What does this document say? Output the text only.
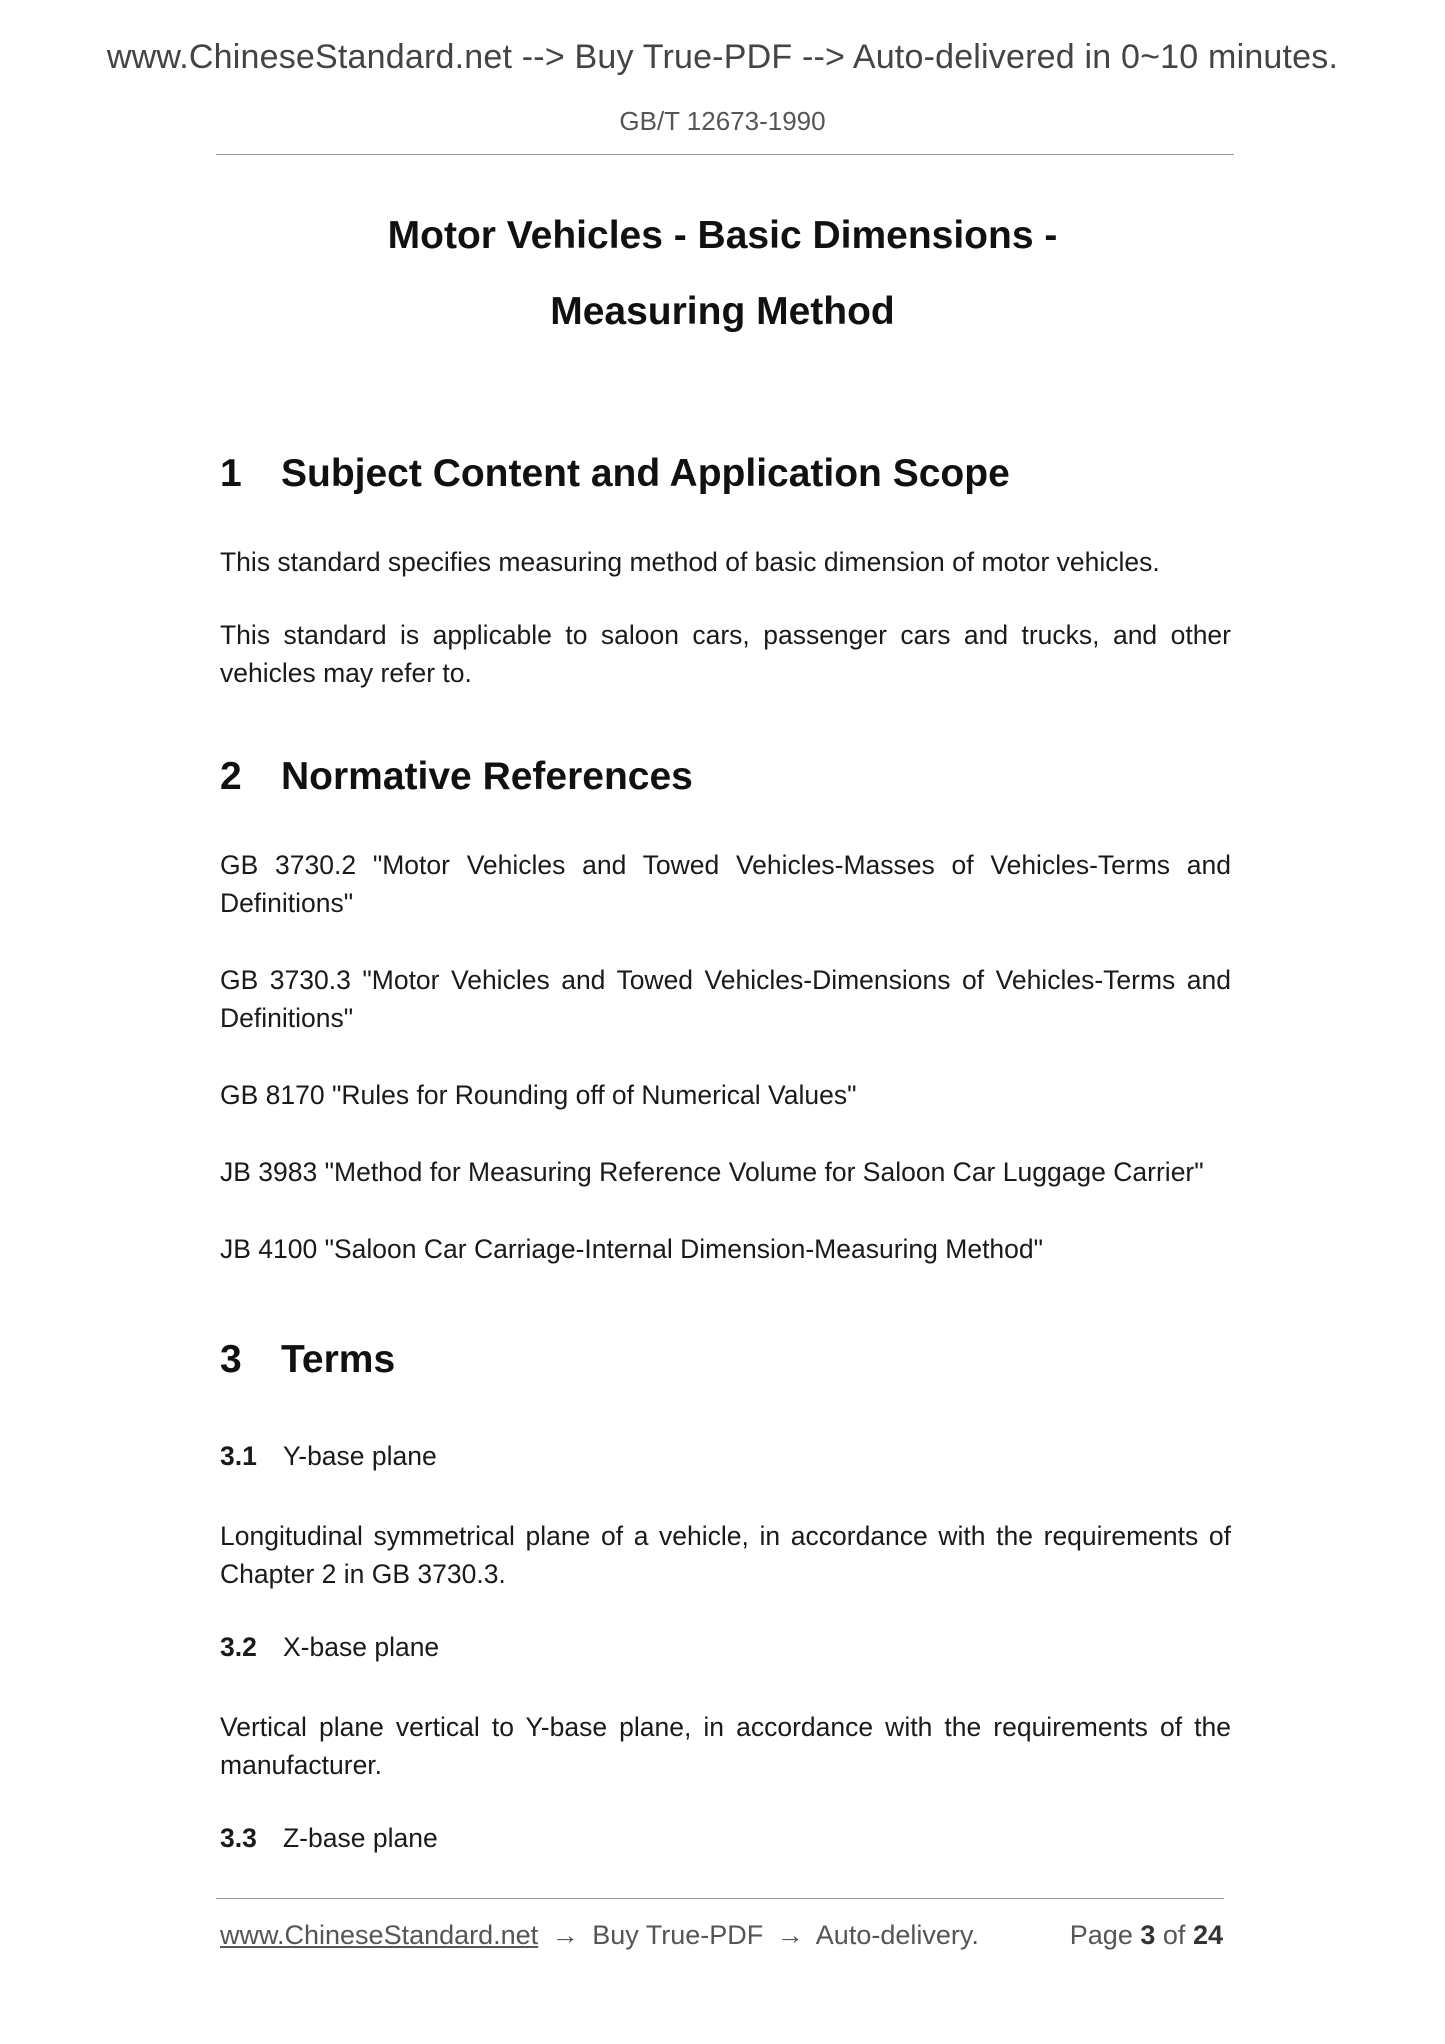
www.ChineseStandard.net --> Buy True-PDF --> Auto-delivered in 0~10 minutes.
GB/T 12673-1990
Motor Vehicles - Basic Dimensions -
Measuring Method
1 Subject Content and Application Scope
This standard specifies measuring method of basic dimension of motor vehicles.
This standard is applicable to saloon cars, passenger cars and trucks, and other vehicles may refer to.
2 Normative References
GB 3730.2 "Motor Vehicles and Towed Vehicles-Masses of Vehicles-Terms and Definitions"
GB 3730.3 "Motor Vehicles and Towed Vehicles-Dimensions of Vehicles-Terms and Definitions"
GB 8170 "Rules for Rounding off of Numerical Values"
JB 3983 "Method for Measuring Reference Volume for Saloon Car Luggage Carrier"
JB 4100 "Saloon Car Carriage-Internal Dimension-Measuring Method"
3 Terms
3.1 Y-base plane
Longitudinal symmetrical plane of a vehicle, in accordance with the requirements of Chapter 2 in GB 3730.3.
3.2 X-base plane
Vertical plane vertical to Y-base plane, in accordance with the requirements of the manufacturer.
3.3 Z-base plane
www.ChineseStandard.net → Buy True-PDF → Auto-delivery.	Page 3 of 24
